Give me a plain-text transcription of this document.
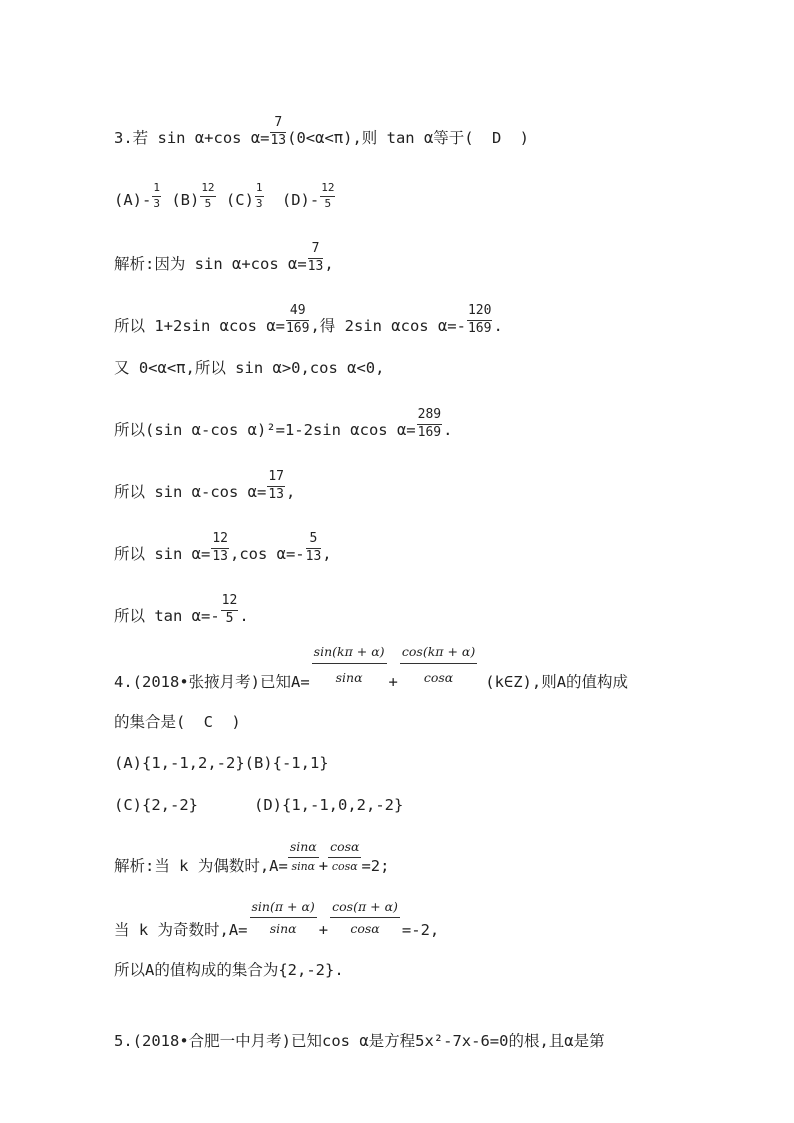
3.若 sin α+cos $\alpha= \frac{7}{13} (0<\alpha<\pi)$,则 tan α等于( D )
$(A)- \frac{1}{3} (B) \frac{12}{5} (C) \frac{1}{3} (D)- \frac{12}{5}$
解析:因为 sin α+cos $\alpha= \frac{7}{13}$ ,
所以 1+2sin αcos $\alpha= \frac{49}{169}$ ,得 2sin αcos $\alpha=- \frac{120}{169}$ .
又 0<α<π,所以 sin α>0,cos α<0,
所以(sin α-cos α)²=1-2sin αcos $\alpha= \frac{289}{169}$ .
所以 sin α-cos $\alpha= \frac{17}{13}$ ,
所以 $\sin \alpha= \frac{12}{13} ,\cos$ $\alpha=- \frac{5}{13}$ ,
所以 $\tan \alpha=- \frac{12}{5}$ .
4.(2018•张掖月考)已知$A= \frac{\sin(k\pi + \alpha)}{\sin\alpha} + \frac{\cos(k\pi + \alpha)}{\cos\alpha}$ (k∈Z),则A的值构成
的集合是( C )
(A){1,-1,2,-2}(B){-1,1}
(C){2,-2}	(D){1,-1,0,2,-2}
解析:当 k 为偶数时$,A= \frac{\sin\alpha}{\sin\alpha} + \frac{\cos\alpha}{\cos\alpha} =2$;
当 k 为奇数时$,A= \frac{\sin(\pi + \alpha)}{\sin\alpha} + \frac{\cos(\pi + \alpha)}{\cos\alpha} =-2$,
所以A的值构成的集合为{2,-2}.
5.(2018•合肥一中月考)已知cos α是方程5x²-7x-6=0的根,且α是第
